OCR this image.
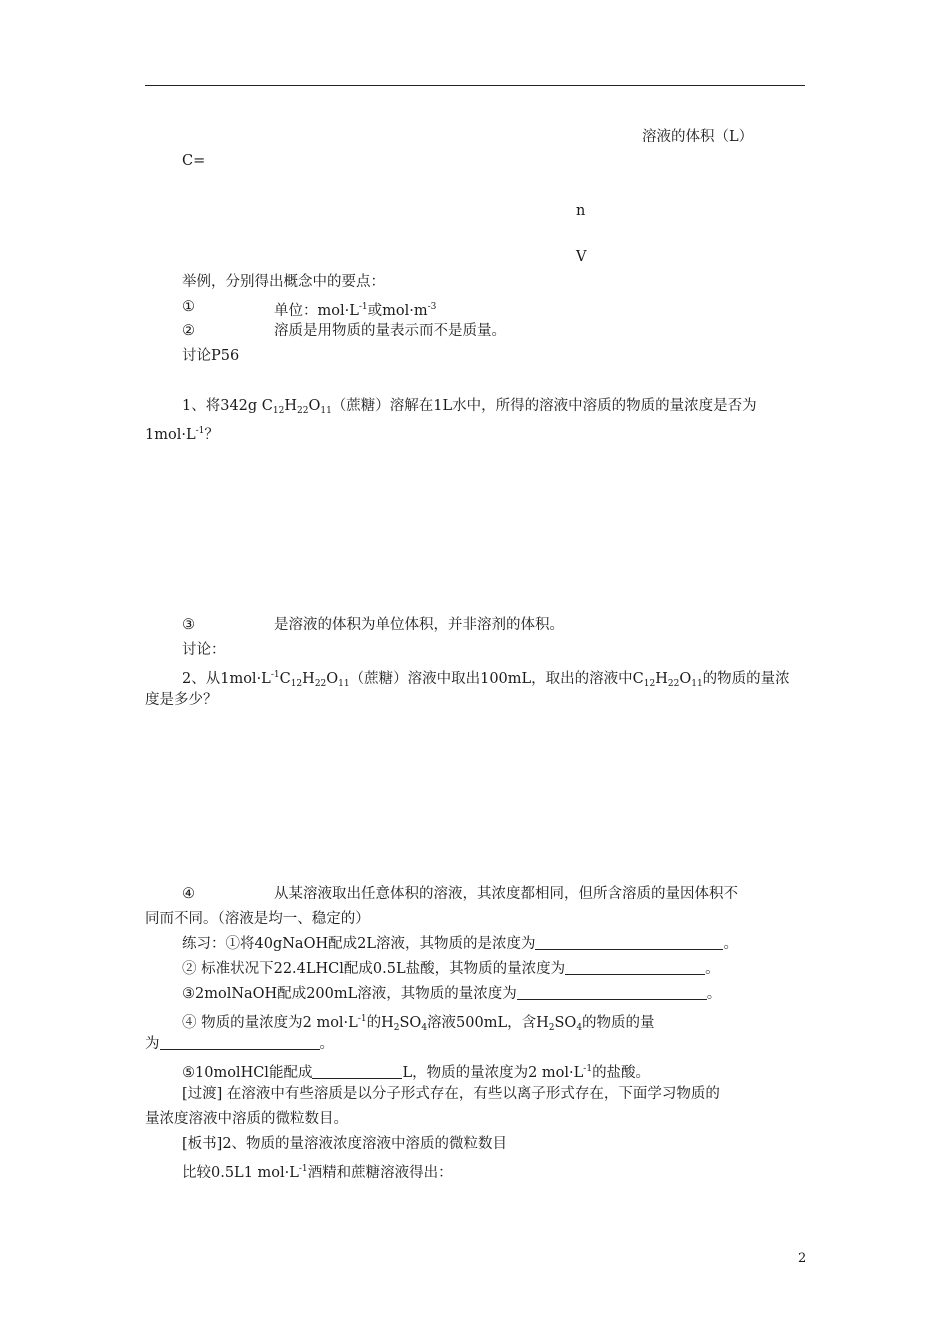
溶液的体积（L）
C=
n
V
举例，分别得出概念中的要点：
①	单位：$mol\cdot L^{-1}$或$mol\cdot m^{-3}$
②	溶质是用物质的量表示而不是质量。
讨论P56
1、将342g $C_{12}H_{22}O_{11}$（蔗糖）溶解在1L水中，所得的溶液中溶质的物质的量浓度是否为
$1mol\cdot L^{-1}$？
③	是溶液的体积为单位体积，并非溶剂的体积。
讨论：
2、从$1mol\cdot L^{-1}C_{12}H_{22}O_{11}$（蔗糖）溶液中取出100mL，取出的溶液中$C_{12}H_{22}O_{11}$的物质的量浓
度是多少？
④	从某溶液取出任意体积的溶液，其浓度都相同，但所含溶质的量因体积不
同而不同。（溶液是均一、稳定的）
练习：①将40gNaOH配成2L溶液，其物质的是浓度为	。
② 标准状况下22.4LHCl配成0.5L盐酸，其物质的量浓度为	。
③2molNaOH配成200mL溶液，其物质的量浓度为	。
④ 物质的量浓度为2 $mol\cdot L^{-1}$的$H_2SO_4$溶液500mL，含$H_2SO_4$的物质的量
为	。
⑤10molHCl能配成	L，物质的量浓度为2 $mol\cdot L^{-1}$的盐酸。
[过渡] 在溶液中有些溶质是以分子形式存在，有些以离子形式存在，下面学习物质的
量浓度溶液中溶质的微粒数目。
[板书]2、物质的量溶液浓度溶液中溶质的微粒数目
比较0.5L1 $mol\cdot L^{-1}$酒精和蔗糖溶液得出：
2
